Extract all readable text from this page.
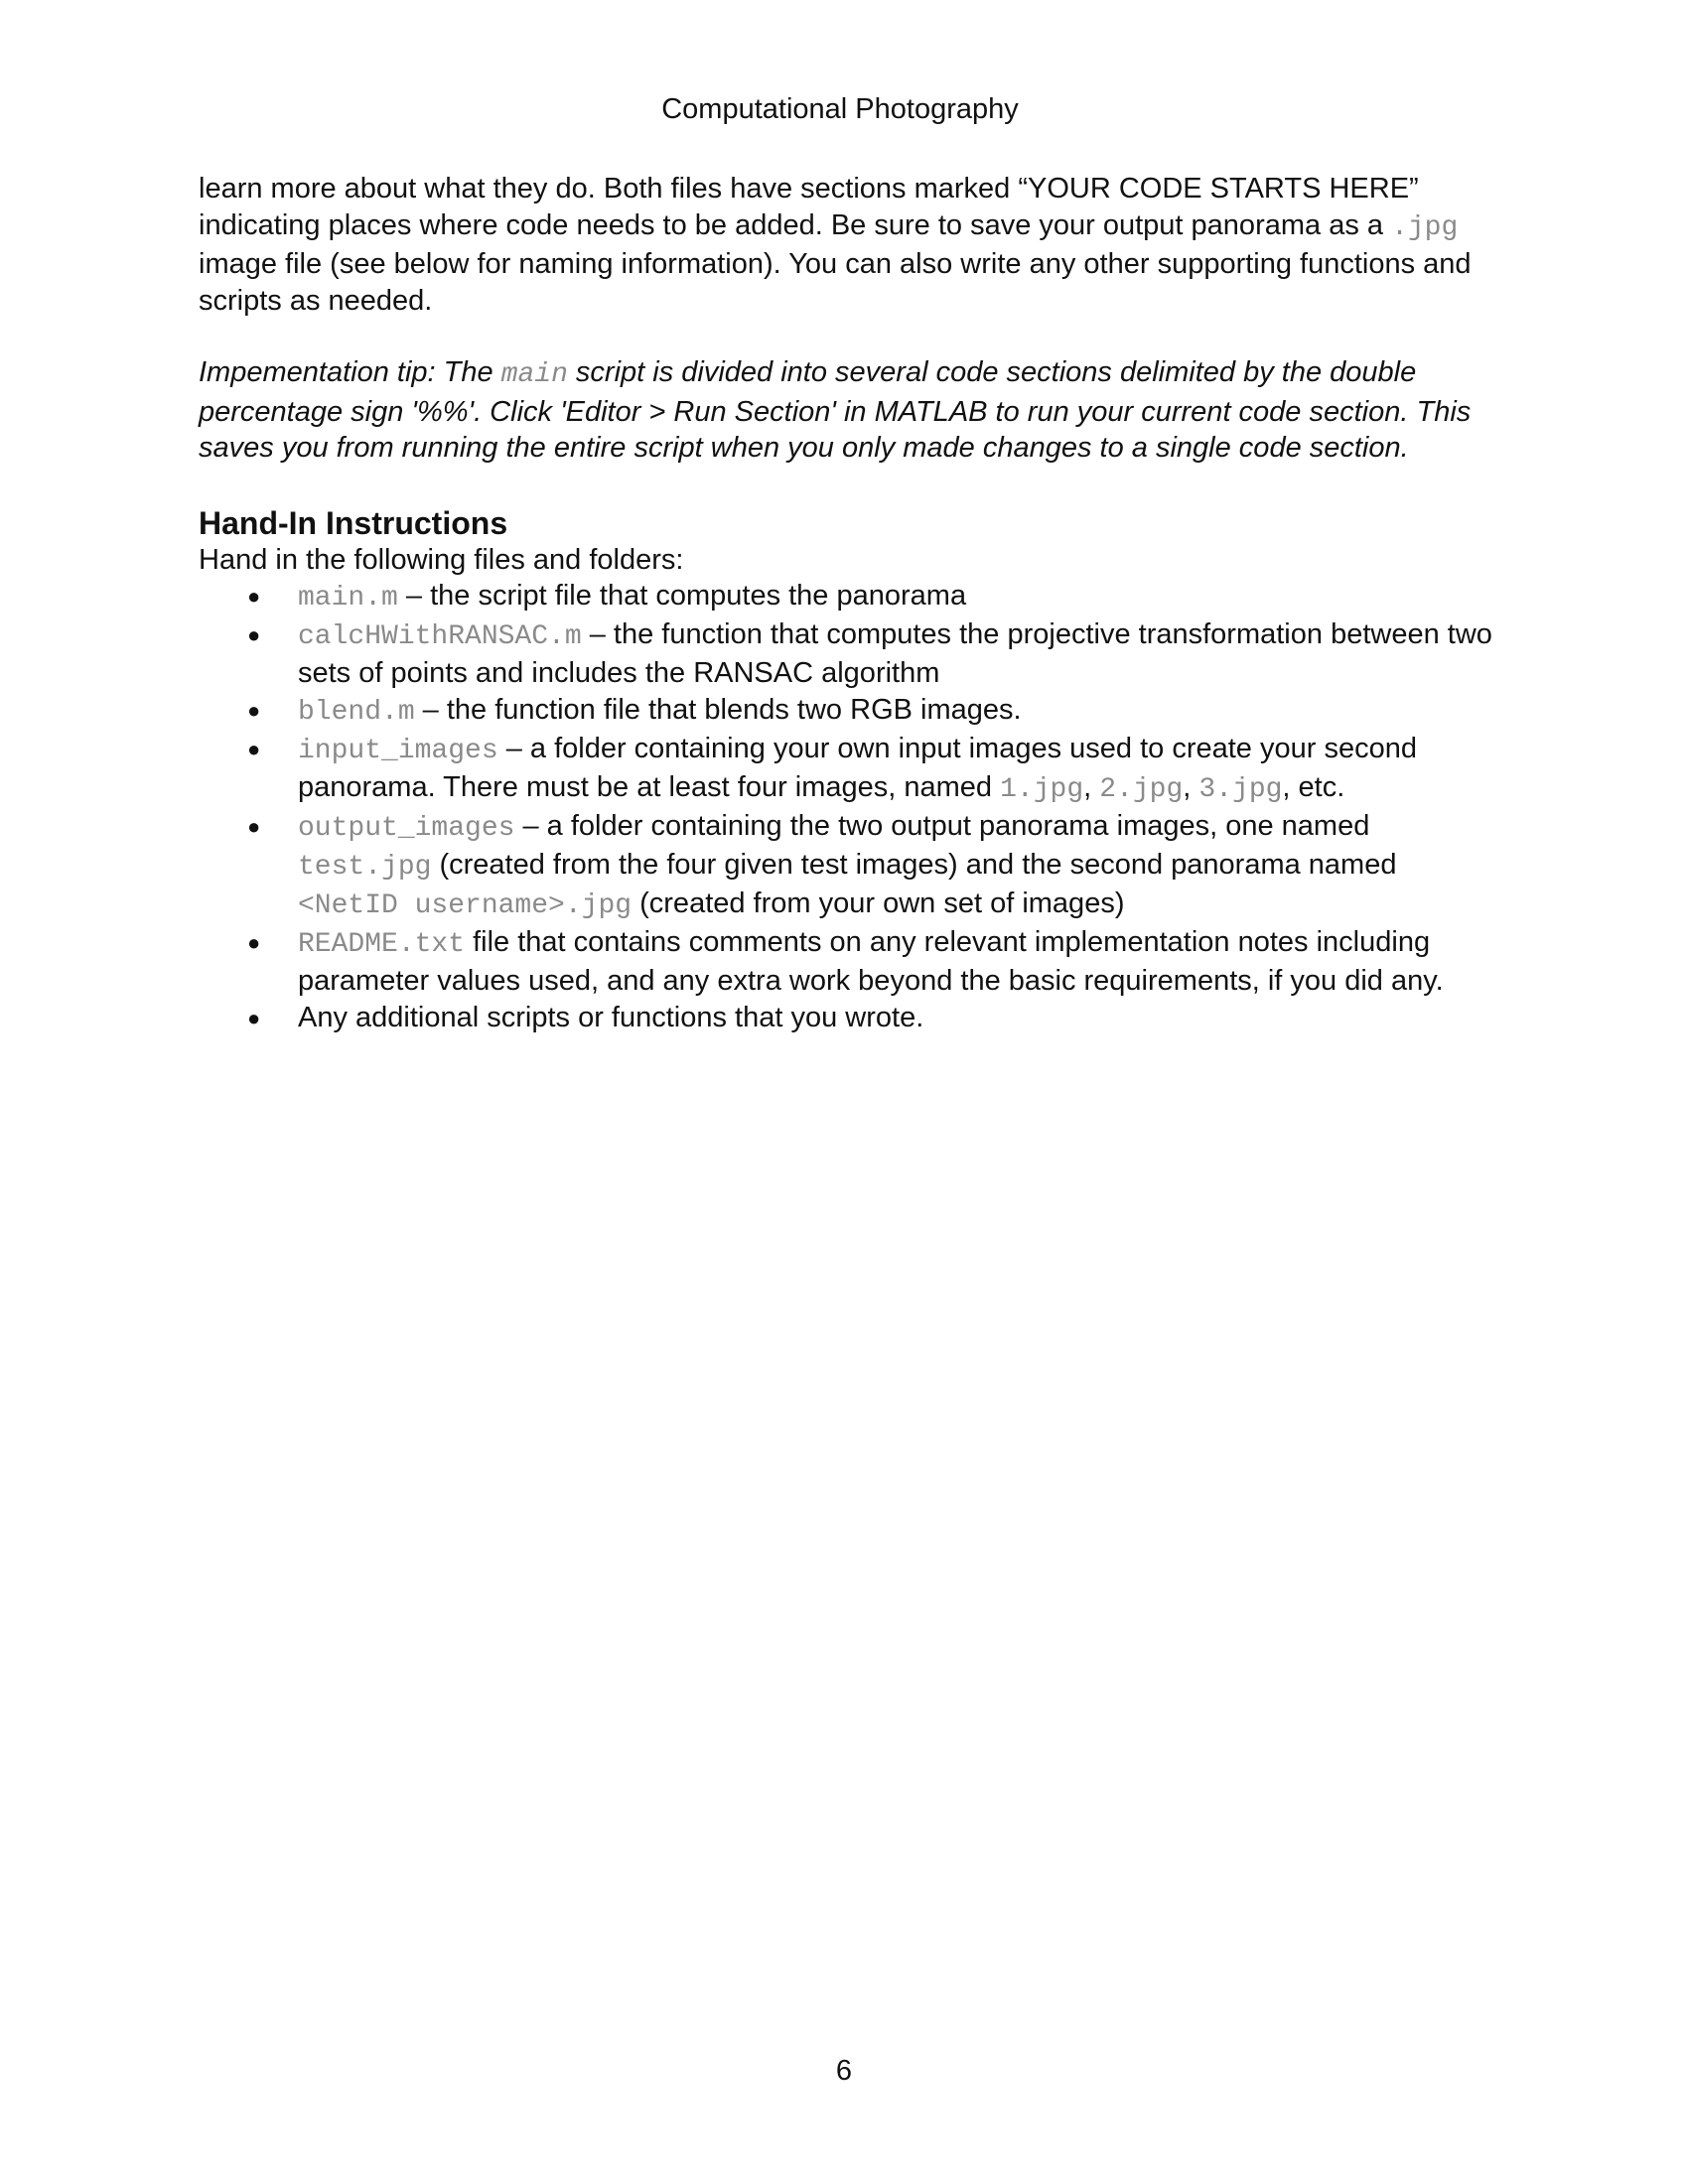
Computational Photography

learn more about what they do. Both files have sections marked “YOUR CODE STARTS HERE” indicating places where code needs to be added. Be sure to save your output panorama as a .jpg image file (see below for naming information). You can also write any other supporting functions and scripts as needed.

Impementation tip: The main script is divided into several code sections delimited by the double percentage sign '%%'. Click 'Editor > Run Section' in MATLAB to run your current code section. This saves you from running the entire script when you only made changes to a single code section.

Hand-In Instructions

Hand in the following files and folders:

● main.m – the script file that computes the panorama
● calcHWithRANSAC.m – the function that computes the projective transformation between two sets of points and includes the RANSAC algorithm
● blend.m – the function file that blends two RGB images.
● input_images – a folder containing your own input images used to create your second panorama. There must be at least four images, named 1.jpg, 2.jpg, 3.jpg, etc.
● output_images – a folder containing the two output panorama images, one named test.jpg (created from the four given test images) and the second panorama named <NetID username>.jpg (created from your own set of images)
● README.txt file that contains comments on any relevant implementation notes including parameter values used, and any extra work beyond the basic requirements, if you did any.
● Any additional scripts or functions that you wrote.
6
